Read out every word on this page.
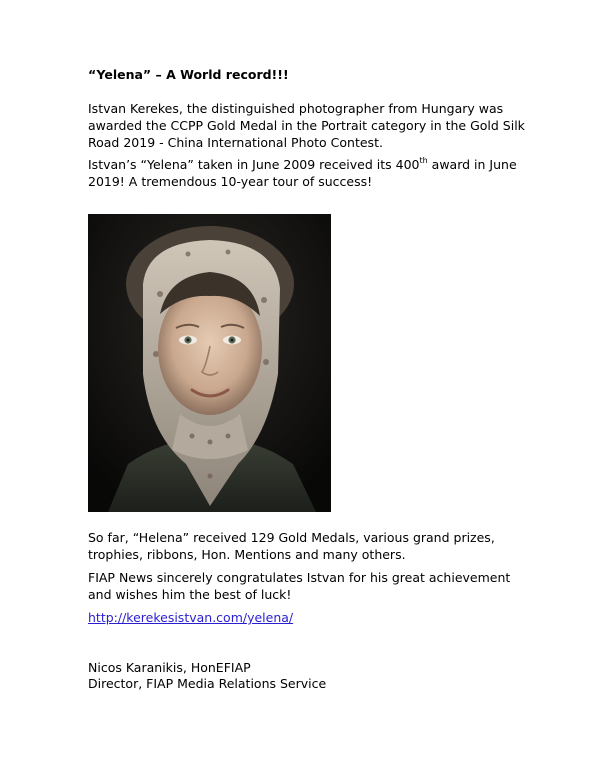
“Yelena” – A World record!!!

Istvan Kerekes, the distinguished photographer from Hungary was awarded the CCPP Gold Medal in the Portrait category in the Gold Silk Road 2019 - China International Photo Contest.

Istvan’s “Yelena” taken in June 2009 received its 400th award in June 2019! A tremendous 10-year tour of success!

So far, “Helena” received 129 Gold Medals, various grand prizes, trophies, ribbons, Hon. Mentions and many others.

FIAP News sincerely congratulates Istvan for his great achievement and wishes him the best of luck!

http://kerekesistvan.com/yelena/

Nicos Karanikis, HonEFIAP

Director, FIAP Media Relations Service
